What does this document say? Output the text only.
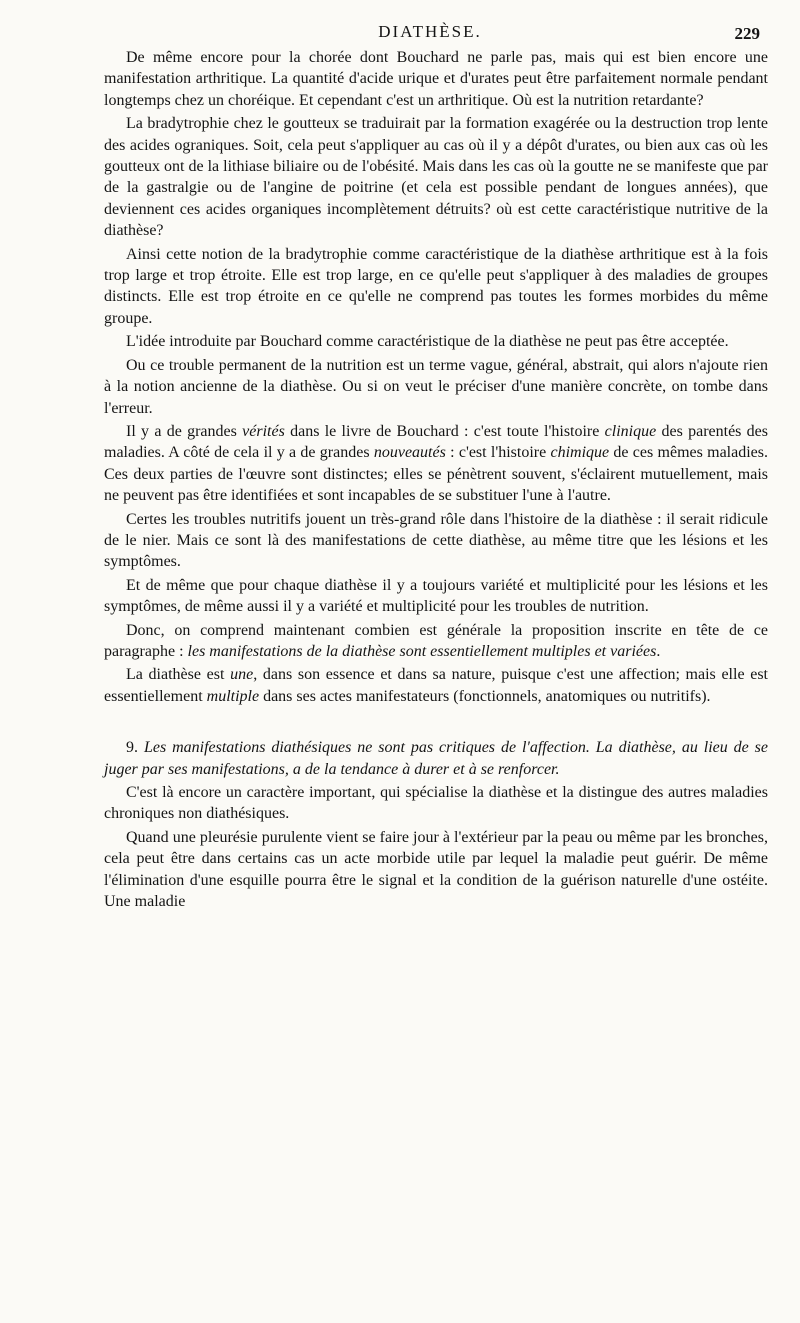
DIATHÈSE.	229

De même encore pour la chorée dont Bouchard ne parle pas, mais qui est bien encore une manifestation arthritique. La quantité d'acide urique et d'urates peut être parfaitement normale pendant longtemps chez un choréique. Et cependant c'est un arthritique. Où est la nutrition retardante?

La bradytrophie chez le goutteux se traduirait par la formation exagérée ou la destruction trop lente des acides ograniques. Soit, cela peut s'appliquer au cas où il y a dépôt d'urates, ou bien aux cas où les goutteux ont de la lithiase biliaire ou de l'obésité. Mais dans les cas où la goutte ne se manifeste que par de la gastralgie ou de l'angine de poitrine (et cela est possible pendant de longues années), que deviennent ces acides organiques incomplètement détruits? où est cette caractéristique nutritive de la diathèse?

Ainsi cette notion de la bradytrophie comme caractéristique de la diathèse arthritique est à la fois trop large et trop étroite. Elle est trop large, en ce qu'elle peut s'appliquer à des maladies de groupes distincts. Elle est trop étroite en ce qu'elle ne comprend pas toutes les formes morbides du même groupe.

L'idée introduite par Bouchard comme caractéristique de la diathèse ne peut pas être acceptée.

Ou ce trouble permanent de la nutrition est un terme vague, général, abstrait, qui alors n'ajoute rien à la notion ancienne de la diathèse. Ou si on veut le préciser d'une manière concrète, on tombe dans l'erreur.

Il y a de grandes vérités dans le livre de Bouchard : c'est toute l'histoire clinique des parentés des maladies. A côté de cela il y a de grandes nouveautés : c'est l'histoire chimique de ces mêmes maladies. Ces deux parties de l'œuvre sont distinctes; elles se pénètrent souvent, s'éclairent mutuellement, mais ne peuvent pas être identifiées et sont incapables de se substituer l'une à l'autre.

Certes les troubles nutritifs jouent un très-grand rôle dans l'histoire de la diathèse : il serait ridicule de le nier. Mais ce sont là des manifestations de cette diathèse, au même titre que les lésions et les symptômes.

Et de même que pour chaque diathèse il y a toujours variété et multiplicité pour les lésions et les symptômes, de même aussi il y a variété et multiplicité pour les troubles de nutrition.

Donc, on comprend maintenant combien est générale la proposition inscrite en tête de ce paragraphe : les manifestations de la diathèse sont essentiellement multiples et variées.

La diathèse est une, dans son essence et dans sa nature, puisque c'est une affection; mais elle est essentiellement multiple dans ses actes manifestateurs (fonctionnels, anatomiques ou nutritifs).

9. Les manifestations diathésiques ne sont pas critiques de l'affection. La diathèse, au lieu de se juger par ses manifestations, a de la tendance à durer et à se renforcer.

C'est là encore un caractère important, qui spécialise la diathèse et la distingue des autres maladies chroniques non diathésiques.

Quand une pleurésie purulente vient se faire jour à l'extérieur par la peau ou même par les bronches, cela peut être dans certains cas un acte morbide utile par lequel la maladie peut guérir. De même l'élimination d'une esquille pourra être le signal et la condition de la guérison naturelle d'une ostéite. Une maladie
